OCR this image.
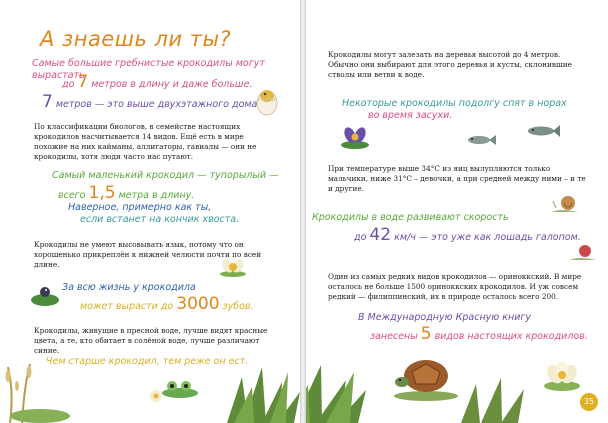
А знаешь ли ты?
Самые большие гребнистые крокодилы могут вырастать
до 7 метров в длину и даже больше.
7 метров — это выше двухэтажного дома
По классификации биологов, в семействе настоящих крокодилов насчитывается 14 видов. Ещё есть в мире похожие на них кайманы, аллигаторы, гавиалы — они не крокодилы, хотя люди часто нас путают.
Самый маленький крокодил — тупорылый —
всего 1,5 метра в длину.
Наверное, примерно как ты,
если встанет на кончик хвоста.
Крокодилы не умеют высовывать язык, потому что он хорошенько прикреплён к нижней челюсти почти по всей длине.
За всю жизнь у крокодила
может вырасти до 3000 зубов.
Крокодилы, живущие в пресной воде, лучше видят красные цвета, а те, кто обитает в солёной воде, лучше различают синие.
Чем старше крокодил, тем реже он ест.
Крокодилы могут залезать на деревья высотой до 4 метров. Обычно они выбирают для этого деревья и кусты, склонившие стволы или ветви к воде.
Некоторые крокодилы подолгу спят в норах
во время засухи.
При температуре выше 34°С из яиц вылупляются только мальчики, ниже 31°С – девочки, а при средней между ними – и те и другие.
Крокодилы в воде развивают скорость
до 42 км/ч — это уже как лошадь галопом.
Один из самых редких видов крокодилов — ориноккский. В мире осталось не больше 1500 ориноккских крокодилов. И уж совсем редкий — филиппинский, их в природе осталось всего 200.
В Международную Красную книгу
занесены 5 видов настоящих крокодилов.
35
